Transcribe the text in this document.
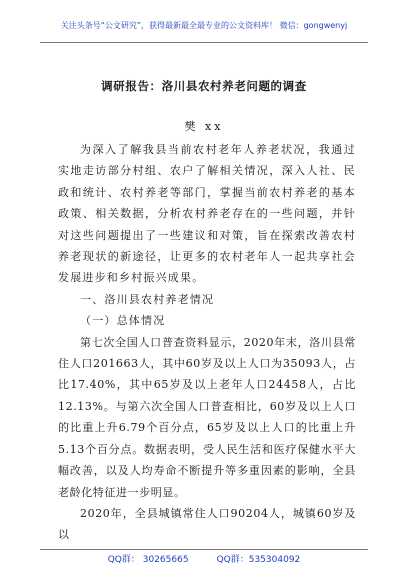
关注头条号“公文研究”，获得最新最全最专业的公文资料库！ 微信：gongwenyj
调研报告：洛川县农村养老问题的调查
樊 xx

为深入了解我县当前农村老年人养老状况，我通过实地走访部分村组、农户了解相关情况，深入人社、民政和统计、农村养老等部门，掌握当前农村养老的基本政策、相关数据，分析农村养老存在的一些问题，并针对这些问题提出了一些建议和对策，旨在探索改善农村养老现状的新途径，让更多的农村老年人一起共享社会发展进步和乡村振兴成果。

一、洛川县农村养老情况

（一）总体情况

第七次全国人口普查资料显示，2020年末，洛川县常住人口201663人，其中60岁及以上人口为35093人，占比17.40%，其中65岁及以上老年人口24458人，占比12.13%。与第六次全国人口普查相比，60岁及以上人口的比重上升6.79个百分点，65岁及以上人口的比重上升5.13个百分点。数据表明，受人民生活和医疗保健水平大幅改善，以及人均寿命不断提升等多重因素的影响，全县老龄化特征进一步明显。

2020年，全县城镇常住人口90204人，城镇60岁及以

QQ群： 30265665	QQ群：535304092
